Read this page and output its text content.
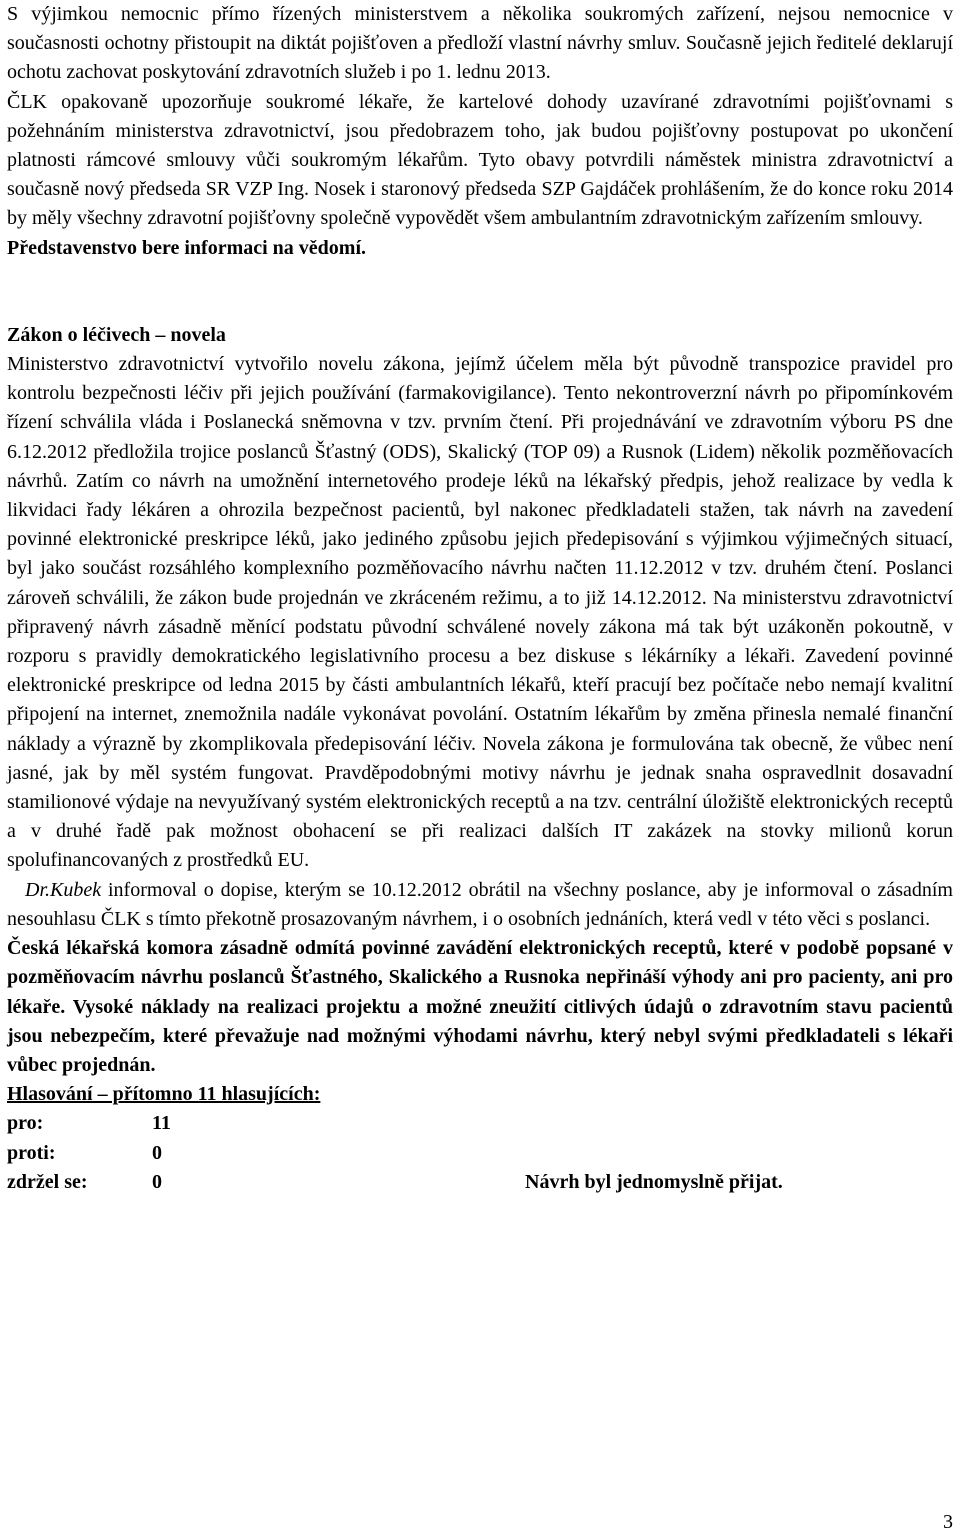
S výjimkou nemocnic přímo řízených ministerstvem a několika soukromých zařízení, nejsou nemocnice v současnosti ochotny přistoupit na diktát pojišťoven a předloží vlastní návrhy smluv. Současně jejich ředitelé deklarují ochotu zachovat poskytování zdravotních služeb i po 1. lednu 2013.

ČLK opakovaně upozorňuje soukromé lékaře, že kartelové dohody uzavírané zdravotními pojišťovnami s požehnáním ministerstva zdravotnictví, jsou předobrazem toho, jak budou pojišťovny postupovat po ukončení platnosti rámcové smlouvy vůči soukromým lékařům. Tyto obavy potvrdili náměstek ministra zdravotnictví a současně nový předseda SR VZP Ing. Nosek i staronový předseda SZP Gajdáček prohlášením, že do konce roku 2014 by měly všechny zdravotní pojišťovny společně vypovědět všem ambulantním zdravotnickým zařízením smlouvy.

Představenstvo bere informaci na vědomí.

Zákon o léčivech – novela

Ministerstvo zdravotnictví vytvořilo novelu zákona, jejímž účelem měla být původně transpozice pravidel pro kontrolu bezpečnosti léčiv při jejich používání (farmakovigilance). Tento nekontroverzní návrh po připomínkovém řízení schválila vláda i Poslanecká sněmovna v tzv. prvním čtení. Při projednávání ve zdravotním výboru PS dne 6.12.2012 předložila trojice poslanců Šťastný (ODS), Skalický (TOP 09) a Rusnok (Lidem) několik pozměňovacích návrhů. Zatím co návrh na umožnění internetového prodeje léků na lékařský předpis, jehož realizace by vedla k likvidaci řady lékáren a ohrozila bezpečnost pacientů, byl nakonec předkladateli stažen, tak návrh na zavedení povinné elektronické preskripce léků, jako jediného způsobu jejich předepisování s výjimkou výjimečných situací, byl jako součást rozsáhlého komplexního pozměňovacího návrhu načten 11.12.2012 v tzv. druhém čtení. Poslanci zároveň schválili, že zákon bude projednán ve zkráceném režimu, a to již 14.12.2012. Na ministerstvu zdravotnictví připravený návrh zásadně měnící podstatu původní schválené novely zákona má tak být uzákoněn pokoutně, v rozporu s pravidly demokratického legislativního procesu a bez diskuse s lékárníky a lékaři. Zavedení povinné elektronické preskripce od ledna 2015 by části ambulantních lékařů, kteří pracují bez počítače nebo nemají kvalitní připojení na internet, znemožnila nadále vykonávat povolání. Ostatním lékařům by změna přinesla nemalé finanční náklady a výrazně by zkomplikovala předepisování léčiv. Novela zákona je formulována tak obecně, že vůbec není jasné, jak by měl systém fungovat. Pravděpodobnými motivy návrhu je jednak snaha ospravedlnit dosavadní stamilionové výdaje na nevyužívaný systém elektronických receptů a na tzv. centrální úložiště elektronických receptů a v druhé řadě pak možnost obohacení se při realizaci dalších IT zakázek na stovky milionů korun spolufinancovaných z prostředků EU.

Dr.Kubek informoval o dopise, kterým se 10.12.2012 obrátil na všechny poslance, aby je informoval o zásadním nesouhlasu ČLK s tímto překotně prosazovaným návrhem, i o osobních jednáních, která vedl v této věci s poslanci.

Česká lékařská komora zásadně odmítá povinné zavádění elektronických receptů, které v podobě popsané v pozměňovacím návrhu poslanců Šťastného, Skalického a Rusnoka nepřináší výhody ani pro pacienty, ani pro lékaře. Vysoké náklady na realizaci projektu a možné zneužití citlivých údajů o zdravotním stavu pacientů jsou nebezpečím, které převažuje nad možnými výhodami návrhu, který nebyl svými předkladateli s lékaři vůbec projednán.

Hlasování – přítomno 11 hlasujících:

pro:	11
proti:	0
zdržel se:	0	Návrh byl jednomyslně přijat.
3
